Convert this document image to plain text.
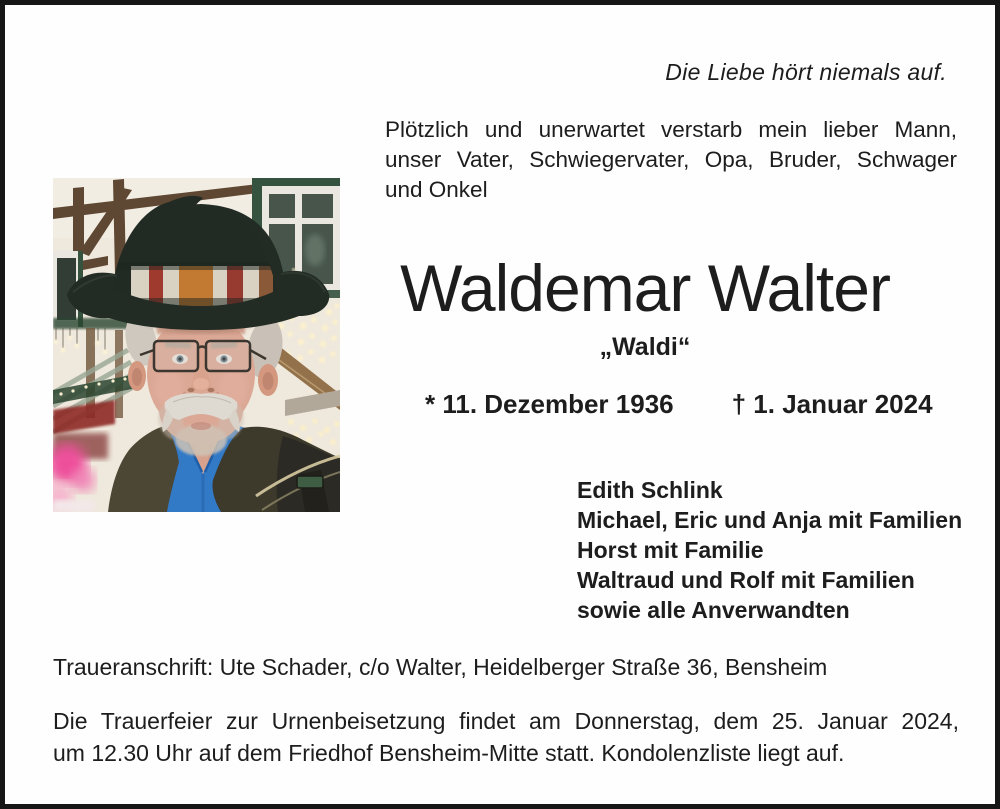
Die Liebe hört niemals auf.
Plötzlich und unerwartet verstarb mein lieber Mann,
unser Vater, Schwiegervater, Opa, Bruder, Schwager
und Onkel
Waldemar Walter
„Waldi“
* 11. Dezember 1936 † 1. Januar 2024
Edith Schlink
Michael, Eric und Anja mit Familien
Horst mit Familie
Waltraud und Rolf mit Familien
sowie alle Anverwandten
Traueranschrift: Ute Schader, c/o Walter, Heidelberger Straße 36, Bensheim
Die Trauerfeier zur Urnenbeisetzung findet am Donnerstag, dem 25. Januar 2024,
um 12.30 Uhr auf dem Friedhof Bensheim-Mitte statt. Kondolenzliste liegt auf.
